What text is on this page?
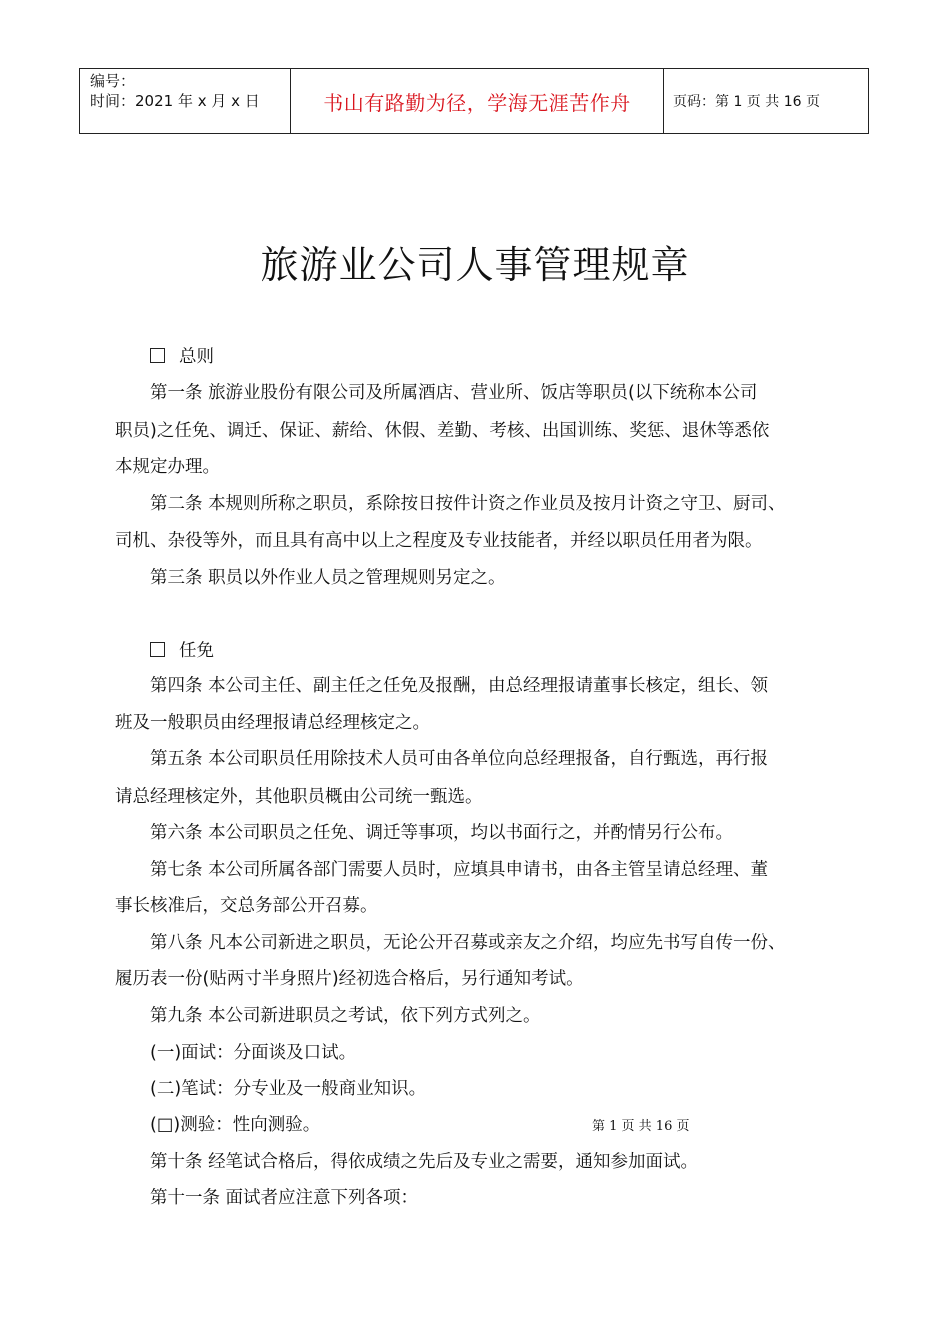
编号：
时间：2021 年 x 月 x 日	书山有路勤为径，学海无涯苦作舟	页码：第 1 页 共 16 页
旅游业公司人事管理规章
总则
第一条 旅游业股份有限公司及所属酒店、营业所、饭店等职员(以下统称本公司
职员)之任免、调迁、保证、薪给、休假、差勤、考核、出国训练、奖惩、退休等悉依
本规定办理。
第二条 本规则所称之职员，系除按日按件计资之作业员及按月计资之守卫、厨司、
司机、杂役等外，而且具有高中以上之程度及专业技能者，并经以职员任用者为限。
第三条 职员以外作业人员之管理规则另定之。
任免
第四条 本公司主任、副主任之任免及报酬，由总经理报请董事长核定，组长、领
班及一般职员由经理报请总经理核定之。
第五条 本公司职员任用除技术人员可由各单位向总经理报备，自行甄选，再行报
请总经理核定外，其他职员概由公司统一甄选。
第六条 本公司职员之任免、调迁等事项，均以书面行之，并酌情另行公布。
第七条 本公司所属各部门需要人员时，应填具申请书，由各主管呈请总经理、董
事长核准后，交总务部公开召募。
第八条 凡本公司新进之职员，无论公开召募或亲友之介绍，均应先书写自传一份、
履历表一份(贴两寸半身照片)经初选合格后，另行通知考试。
第九条 本公司新进职员之考试，依下列方式列之。
(一)面试：分面谈及口试。
(二)笔试：分专业及一般商业知识。
(□)测验：性向测验。
第十条 经笔试合格后，得依成绩之先后及专业之需要，通知参加面试。
第十一条 面试者应注意下列各项：
第 1 页 共 16 页
